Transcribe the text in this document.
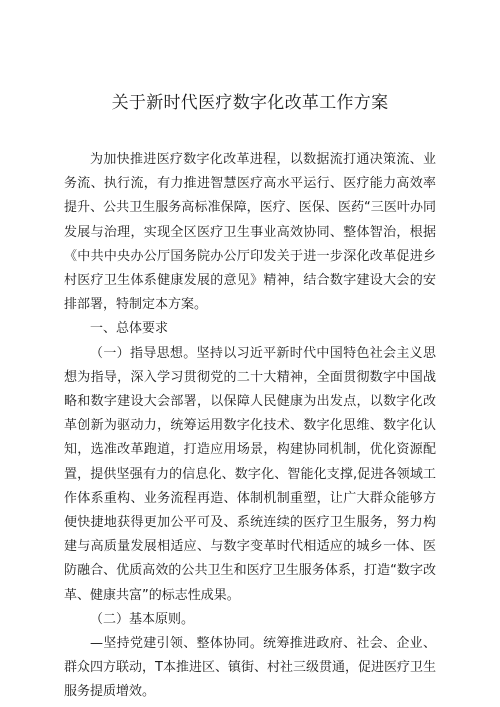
关于新时代医疗数字化改革工作方案

为加快推进医疗数字化改革进程，以数据流打通决策流、业务流、执行流，有力推进智慧医疗高水平运行、医疗能力高效率提升、公共卫生服务高标准保障，医疗、医保、医药“三医叶办同发展与治理，实现全区医疗卫生事业高效协同、整体智治，根据《中共中央办公厅国务院办公厅印发关于进一步深化改革促进乡村医疗卫生体系健康发展的意见》精神，结合数字建设大会的安排部署，特制定本方案。

一、总体要求

（一）指导思想。坚持以习近平新时代中国特色社会主义思想为指导，深入学习贯彻党的二十大精神，全面贯彻数字中国战略和数字建设大会部署，以保障人民健康为出发点，以数字化改革创新为驱动力，统筹运用数字化技术、数字化思维、数字化认知，选准改革跑道，打造应用场景，构建协同机制，优化资源配置，提供坚强有力的信息化、数字化、智能化支撑,促进各领域工作体系重构、业务流程再造、体制机制重塑，让广大群众能够方便快捷地获得更加公平可及、系统连续的医疗卫生服务，努力构建与高质量发展相适应、与数字变革时代相适应的城乡一体、医防融合、优质高效的公共卫生和医疗卫生服务体系，打造“数字改革、健康共富”的标志性成果。

（二）基本原则。

—坚持党建引领、整体协同。统筹推进政府、社会、企业、群众四方联动，T本推进区、镇街、村社三级贯通，促进医疗卫生服务提质增效。
